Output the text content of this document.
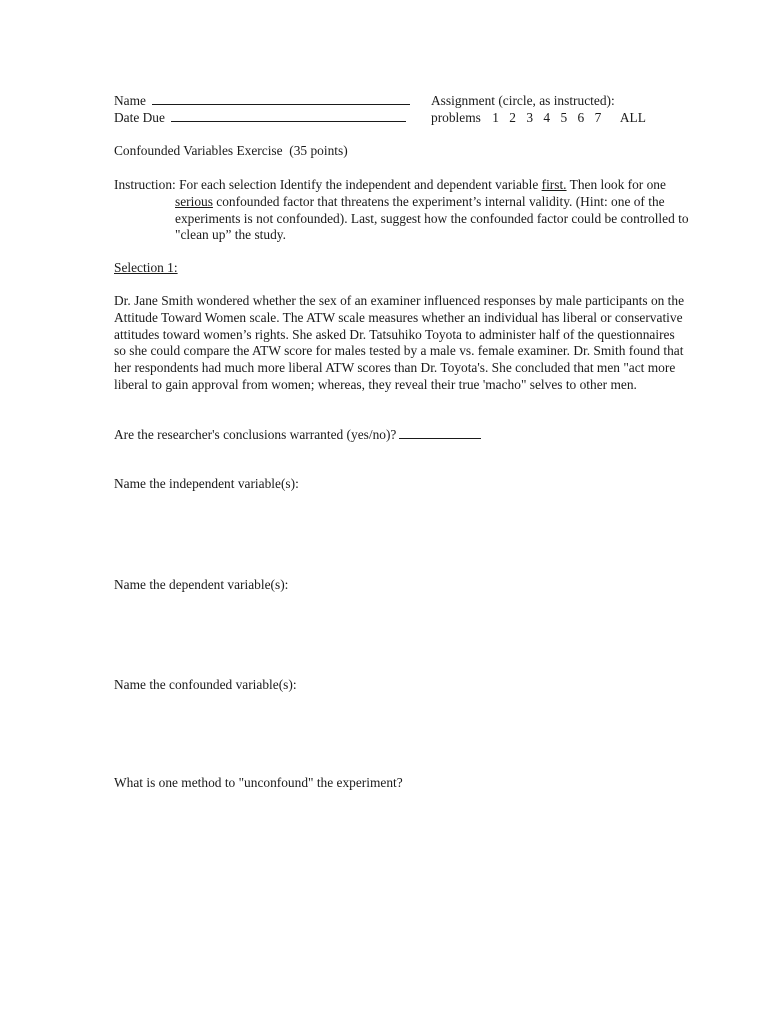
Name
Date Due
Assignment (circle, as instructed):
problems 1 2 3 4 5 6 7 ALL
Confounded Variables Exercise  (35 points)
Instruction: For each selection Identify the independent and dependent variable first. Then look for one
serious confounded factor that threatens the experiment’s internal validity. (Hint: one of the
experiments is not confounded). Last, suggest how the confounded factor could be controlled to
"clean up” the study.
Selection 1:
Dr. Jane Smith wondered whether the sex of an examiner influenced responses by male participants on the
Attitude Toward Women scale. The ATW scale measures whether an individual has liberal or conservative
attitudes toward women’s rights. She asked Dr. Tatsuhiko Toyota to administer half of the questionnaires
so she could compare the ATW score for males tested by a male vs. female examiner. Dr. Smith found that
her respondents had much more liberal ATW scores than Dr. Toyota's. She concluded that men "act more
liberal to gain approval from women; whereas, they reveal their true 'macho" selves to other men.
Are the researcher's conclusions warranted (yes/no)?
Name the independent variable(s):
Name the dependent variable(s):
Name the confounded variable(s):
What is one method to "unconfound" the experiment?
